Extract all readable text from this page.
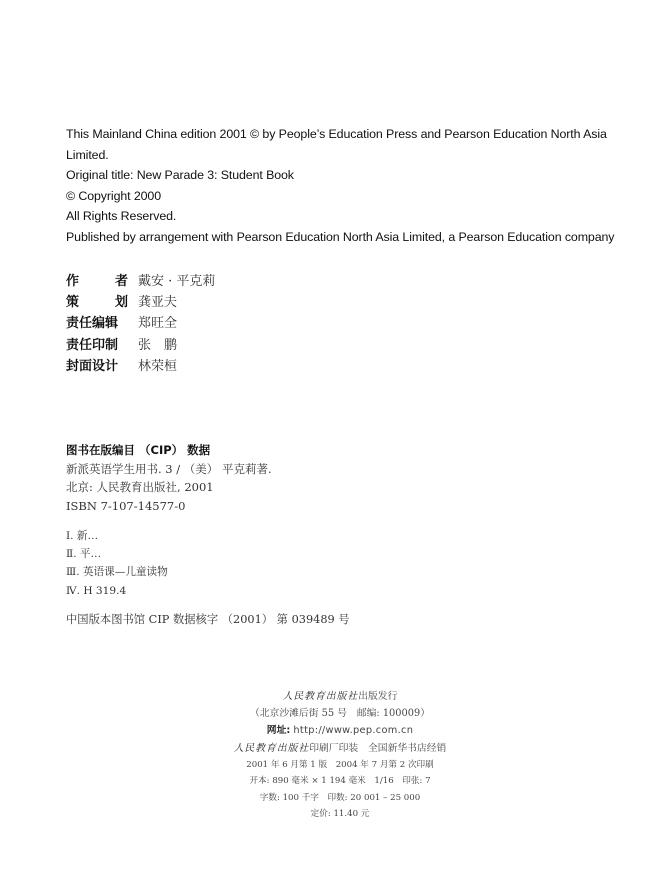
This Mainland China edition 2001 © by People’s Education Press and Pearson Education North Asia
Limited.
Original title: New Parade 3: Student Book
© Copyright 2000
All Rights Reserved.
Published by arrangement with Pearson Education North Asia Limited, a Pearson Education company
作	者 戴安 · 平克莉
策	划 龚亚夫
责任编辑	郑旺全
责任印制	张　鹏
封面设计	林荣桓
图书在版编目 （CIP） 数据
新派英语学生用书. 3 / （美） 平克莉著.
北京: 人民教育出版社, 2001
ISBN 7-107-14577-0
Ⅰ. 新…
Ⅱ. 平…
Ⅲ. 英语课—儿童读物
Ⅳ. H 319.4
中国版本图书馆 CIP 数据核字 （2001） 第 039489 号
人民教育出版社出版发行
（北京沙滩后街 55 号　邮编: 100009）
网址: http://www.pep.com.cn
人民教育出版社印刷厂印装　全国新华书店经销
2001 年 6 月第 1 版　2004 年 7 月第 2 次印刷
开本: 890 毫米 × 1 194 毫米　1/16　印张: 7
字数: 100 千字　印数: 20 001 – 25 000
定价: 11.40 元
